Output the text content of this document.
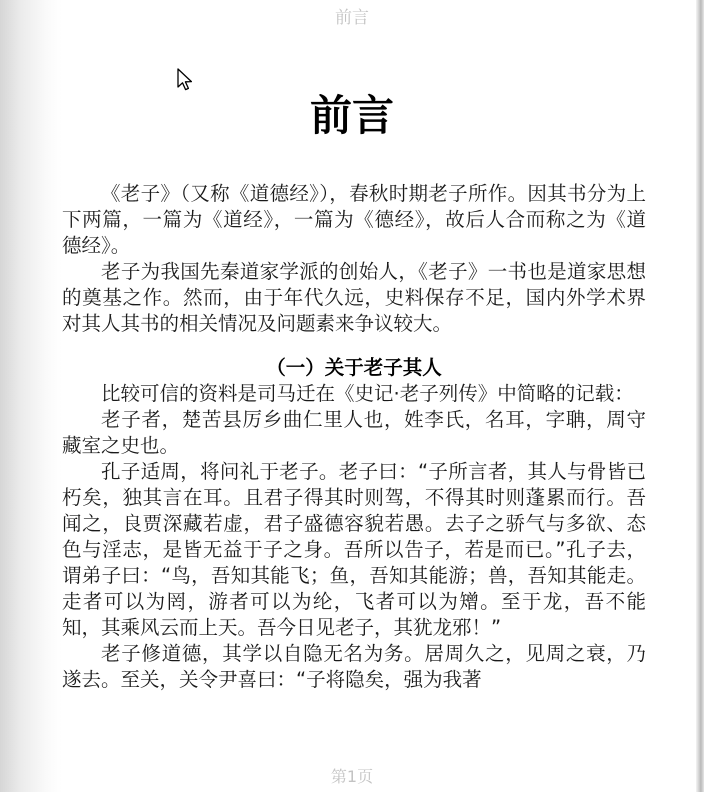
前言
前言

《老子》（又称《道德经》），春秋时期老子所作。因其书分为上下两篇，一篇为《道经》，一篇为《德经》，故后人合而称之为《道德经》。

老子为我国先秦道家学派的创始人，《老子》一书也是道家思想的奠基之作。然而，由于年代久远，史料保存不足，国内外学术界对其人其书的相关情况及问题素来争议较大。

（一）关于老子其人

比较可信的资料是司马迁在《史记·老子列传》中简略的记载：

老子者，楚苦县厉乡曲仁里人也，姓李氏，名耳，字聃，周守藏室之史也。

孔子适周，将问礼于老子。老子曰：“子所言者，其人与骨皆已朽矣，独其言在耳。且君子得其时则驾，不得其时则蓬累而行。吾闻之，良贾深藏若虚，君子盛德容貌若愚。去子之骄气与多欲、态色与淫志，是皆无益于子之身。吾所以告子，若是而已。”孔子去，谓弟子曰：“鸟，吾知其能飞；鱼，吾知其能游；兽，吾知其能走。走者可以为罔，游者可以为纶，飞者可以为矰。至于龙，吾不能知，其乘风云而上天。吾今日见老子，其犹龙邪！”

老子修道德，其学以自隐无名为务。居周久之，见周之衰，乃遂去。至关，关令尹喜曰：“子将隐矣，强为我著

第1页
